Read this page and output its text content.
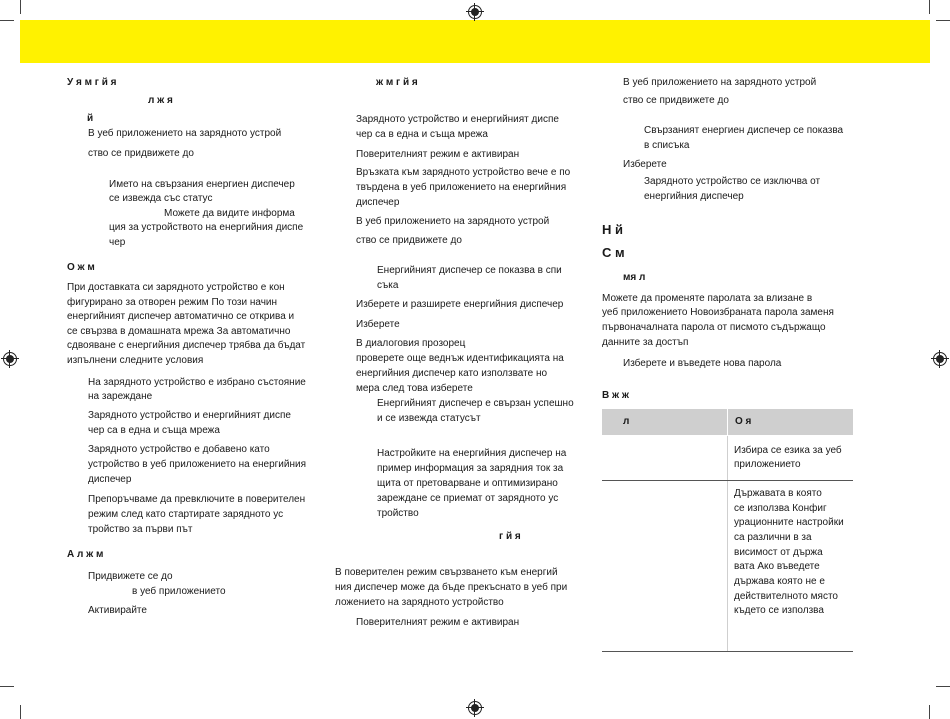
У я м г й я
л ж я
й
В уеб приложението на зарядното устрой
ство се придвижете до
Името на свързания енергиен диспечер
се извежда със статус
Можете да видите информа
ция за устройството на енергийния диспе
чер
О ж м
При доставката си зарядното устройство е кон
фигурирано за отворен режим По този начин
енергийният диспечер автоматично се открива и
се свързва в домашната мрежа За автоматично
сдвояване с енергийния диспечер трябва да бъдат
изпълнени следните условия
На зарядното устройство е избрано състояние
на зареждане
Зарядното устройство и енергийният диспе
чер са в една и съща мрежа
Зарядното устройство е добавено като
устройство в уеб приложението на енергийния
диспечер
Препоръчваме да превключите в поверителен
режим след като стартирате зарядното ус
тройство за първи път
А л ж м
Придвижете се до
в уеб приложението
Активирайте
ж м г й я
Зарядното устройство и енергийният диспе
чер са в една и съща мрежа
Поверителният режим е активиран
Връзката към зарядното устройство вече е по
твърдена в уеб приложението на енергийния
диспечер
В уеб приложението на зарядното устрой
ство се придвижете до
Енергийният диспечер се показва в спи
съка
Изберете и разширете енергийния диспечер
Изберете
В диалоговия прозорец
проверете още веднъж идентификацията на
енергийния диспечер като използвате но
мера след това изберете
Енергийният диспечер е свързан успешно
и се извежда статусът
Настройките на енергийния диспечер на
пример информация за зарядния ток за
щита от претоварване и оптимизирано
зареждане се приемат от зарядното ус
тройство
г й я
В поверителен режим свързването към енергий
ния диспечер може да бъде прекъснато в уеб при
ложението на зарядното устройство
Поверителният режим е активиран
В уеб приложението на зарядното устрой
ство се придвижете до
Свързаният енергиен диспечер се показва
в списъка
Изберете
Зарядното устройство се изключва от
енергийния диспечер
Н й
С м
мя л
Можете да променяте паролата за влизане в
уеб приложението Новоизбраната парола заменя
първоначалната парола от писмото съдържащо
данните за достъп
Изберете и въведете нова парола
В ж ж
л	О я
Избира се езика за уеб
приложението
Държавата в която
се използва Конфиг
урационните настройки
са различни в за
висимост от държа
вата Ако въведете
държава която не е
действителното място
където се използва
